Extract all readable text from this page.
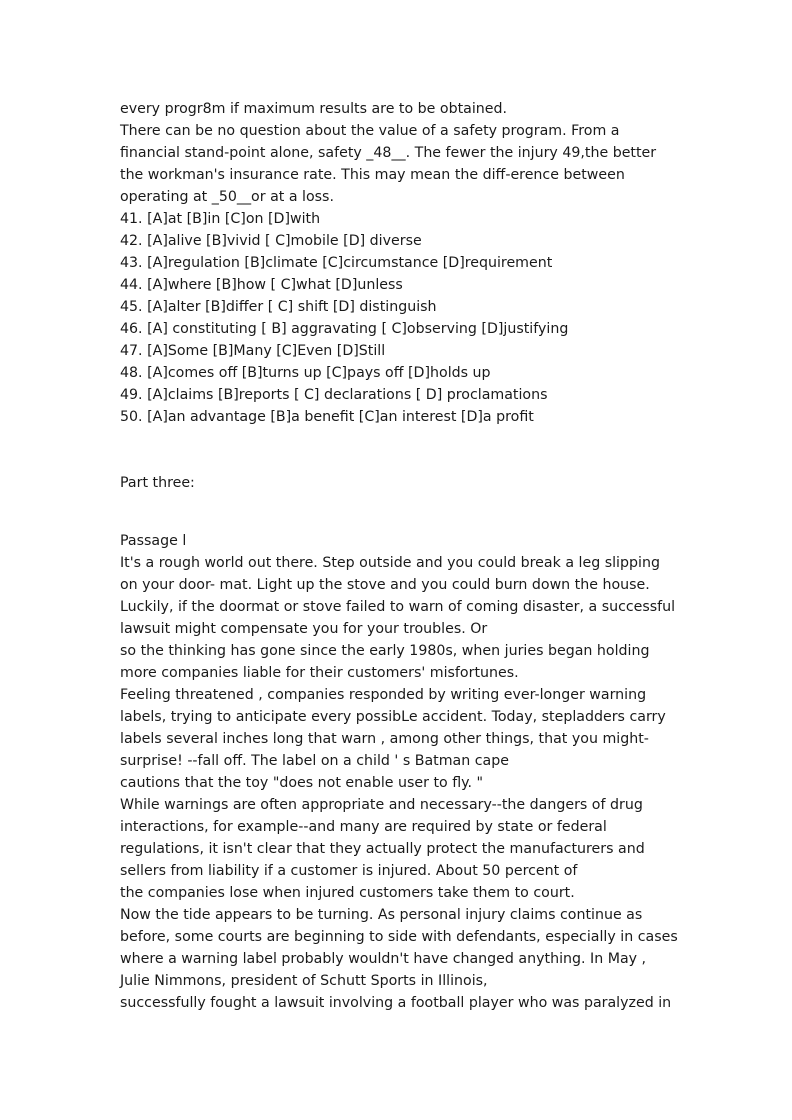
every progr8m if maximum results are to be obtained.
There can be no question about the value of a safety program. From a
financial stand-point alone, safety _48__. The fewer the injury 49,the better
the workman's insurance rate. This may mean the diff-erence between
operating at _50__or at a loss.
41. [A]at [B]in [C]on [D]with
42. [A]alive [B]vivid [ C]mobile [D] diverse
43. [A]regulation [B]climate [C]circumstance [D]requirement
44. [A]where [B]how [ C]what [D]unless
45. [A]alter [B]differ [ C] shift [D] distinguish
46. [A] constituting [ B] aggravating [ C]observing [D]justifying
47. [A]Some [B]Many [C]Even [D]Still
48. [A]comes off [B]turns up [C]pays off [D]holds up
49. [A]claims [B]reports [ C] declarations [ D] proclamations
50. [A]an advantage [B]a benefit [C]an interest [D]a profit
Part three:
Passage l
It's a rough world out there. Step outside and you could break a leg slipping
on your door- mat. Light up the stove and you could burn down the house.
Luckily, if the doormat or stove failed to warn of coming disaster, a successful
lawsuit might compensate you for your troubles. Or
so the thinking has gone since the early 1980s, when juries began holding
more companies liable for their customers' misfortunes.
Feeling threatened , companies responded by writing ever-longer warning
labels, trying to anticipate every possibLe accident. Today, stepladders carry
labels several inches long that warn , among other things, that you might-
surprise! --fall off. The label on a child ' s Batman cape
cautions that the toy "does not enable user to fly. "
While warnings are often appropriate and necessary--the dangers of drug
interactions, for example--and many are required by state or federal
regulations, it isn't clear that they actually protect the manufacturers and
sellers from liability if a customer is injured. About 50 percent of
the companies lose when injured customers take them to court.
Now the tide appears to be turning. As personal injury claims continue as
before, some courts are beginning to side with defendants, especially in cases
where a warning label probably wouldn't have changed anything. In May ,
Julie Nimmons, president of Schutt Sports in Illinois,
successfully fought a lawsuit involving a football player who was paralyzed in
